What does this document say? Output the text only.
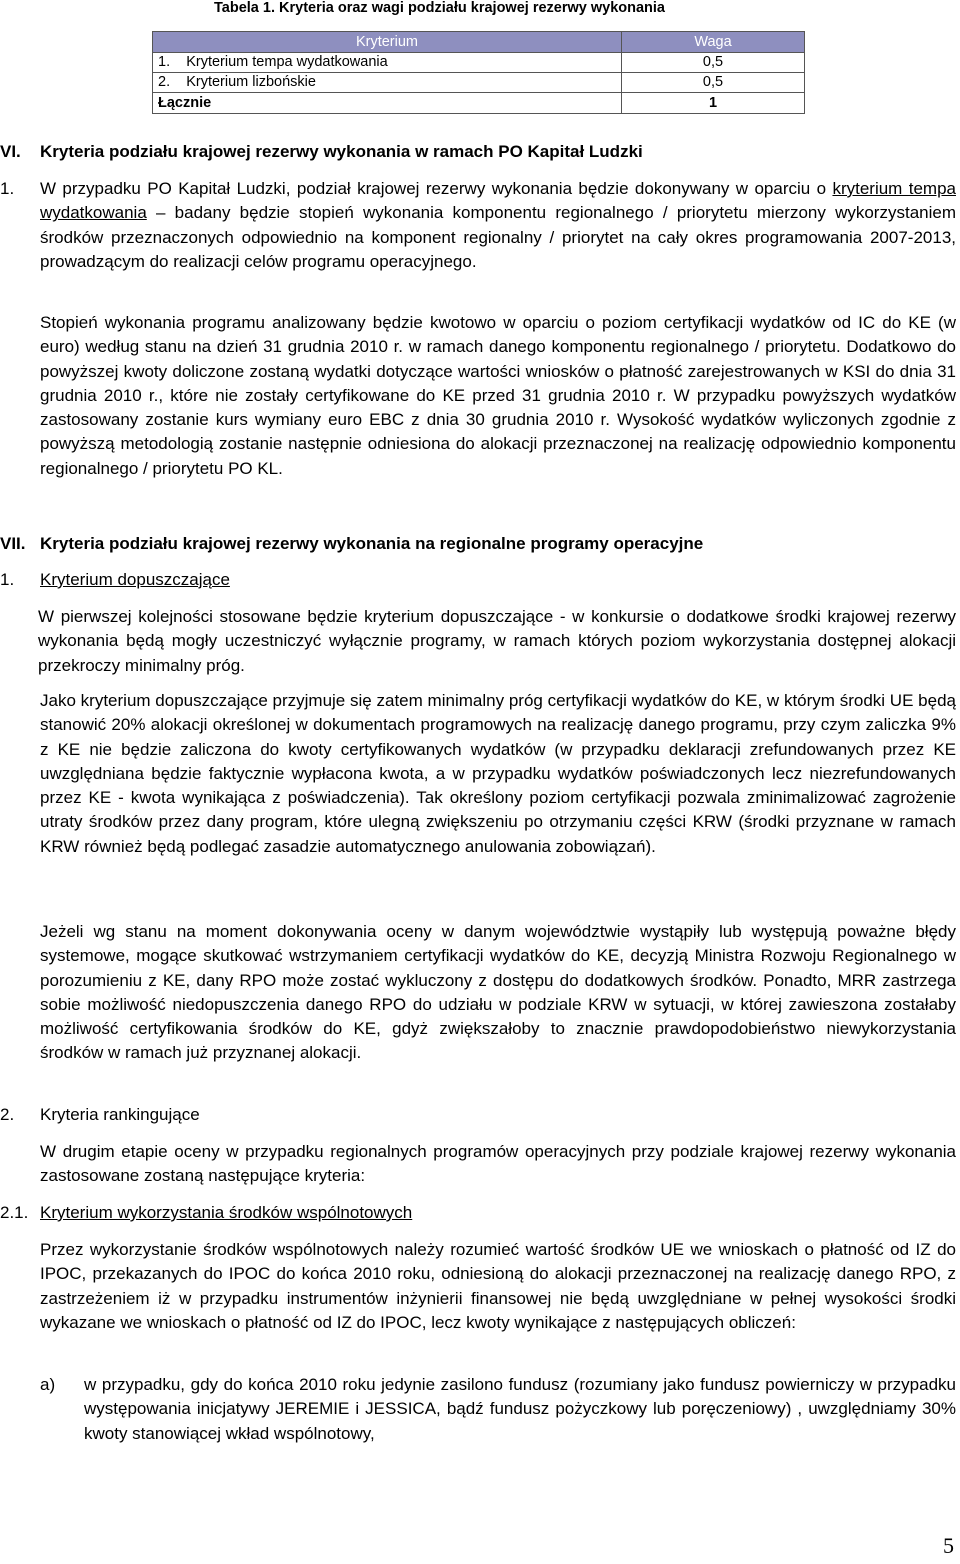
Tabela 1. Kryteria oraz wagi podziału krajowej rezerwy wykonania
Kryterium	Waga
1.    Kryterium tempa wydatkowania	0,5
2.    Kryterium lizbońskie	0,5
Łącznie	1
VI. Kryteria podziału krajowej rezerwy wykonania w ramach PO Kapitał Ludzki
1. W przypadku PO Kapitał Ludzki, podział krajowej rezerwy wykonania będzie dokonywany w oparciu o kryterium tempa wydatkowania – badany będzie stopień wykonania komponentu regionalnego / priorytetu mierzony wykorzystaniem środków przeznaczonych odpowiednio na komponent regionalny / priorytet na cały okres programowania 2007-2013, prowadzącym do realizacji celów programu operacyjnego.
Stopień wykonania programu analizowany będzie kwotowo w oparciu o poziom certyfikacji wydatków od IC do KE (w euro) według stanu na dzień 31 grudnia 2010 r. w ramach danego komponentu regionalnego / priorytetu. Dodatkowo do powyższej kwoty doliczone zostaną wydatki dotyczące wartości wniosków o płatność zarejestrowanych w KSI do dnia 31 grudnia 2010 r., które nie zostały certyfikowane do KE przed 31 grudnia 2010 r. W przypadku powyższych wydatków zastosowany zostanie kurs wymiany euro EBC z dnia 30 grudnia 2010 r. Wysokość wydatków wyliczonych zgodnie z powyższą metodologią zostanie następnie odniesiona do alokacji przeznaczonej na realizację odpowiednio komponentu regionalnego / priorytetu PO KL.
VII. Kryteria podziału krajowej rezerwy wykonania na regionalne programy operacyjne
1. Kryterium dopuszczające
W pierwszej kolejności stosowane będzie kryterium dopuszczające - w konkursie o dodatkowe środki krajowej rezerwy wykonania będą mogły uczestniczyć wyłącznie programy, w ramach których poziom wykorzystania dostępnej alokacji przekroczy minimalny próg.
Jako kryterium dopuszczające przyjmuje się zatem minimalny próg certyfikacji wydatków do KE, w którym środki UE będą stanowić 20% alokacji określonej w dokumentach programowych na realizację danego programu, przy czym zaliczka 9% z KE nie będzie zaliczona do kwoty certyfikowanych wydatków (w przypadku deklaracji zrefundowanych przez KE uwzględniana będzie faktycznie wypłacona kwota, a w przypadku wydatków poświadczonych lecz niezrefundowanych przez KE - kwota wynikająca z poświadczenia). Tak określony poziom certyfikacji pozwala zminimalizować zagrożenie utraty środków przez dany program, które ulegną zwiększeniu po otrzymaniu części KRW (środki przyznane w ramach KRW również będą podlegać zasadzie automatycznego anulowania zobowiązań).
Jeżeli wg stanu na moment dokonywania oceny w danym województwie wystąpiły lub występują poważne błędy systemowe, mogące skutkować wstrzymaniem certyfikacji wydatków do KE, decyzją Ministra Rozwoju Regionalnego w porozumieniu z KE, dany RPO może zostać wykluczony z dostępu do dodatkowych środków. Ponadto, MRR zastrzega sobie możliwość niedopuszczenia danego RPO do udziału w podziale KRW w sytuacji, w której zawieszona zostałaby możliwość certyfikowania środków do KE, gdyż zwiększałoby to znacznie prawdopodobieństwo niewykorzystania środków w ramach już przyznanej alokacji.
2. Kryteria rankingujące
W drugim etapie oceny w przypadku regionalnych programów operacyjnych przy podziale krajowej rezerwy wykonania zastosowane zostaną następujące kryteria:
2.1. Kryterium wykorzystania środków wspólnotowych
Przez wykorzystanie środków wspólnotowych należy rozumieć wartość środków UE we wnioskach o płatność od IZ do IPOC, przekazanych do IPOC do końca 2010 roku, odniesioną do alokacji przeznaczonej na realizację danego RPO, z zastrzeżeniem iż w przypadku instrumentów inżynierii finansowej nie będą uwzględniane w pełnej wysokości środki wykazane we wnioskach o płatność od IZ do IPOC, lecz kwoty wynikające z następujących obliczeń:
a) w przypadku, gdy do końca 2010 roku jedynie zasilono fundusz (rozumiany jako fundusz powierniczy w przypadku występowania inicjatywy JEREMIE i JESSICA, bądź fundusz pożyczkowy lub poręczeniowy) , uwzględniamy 30% kwoty stanowiącej wkład wspólnotowy,
5
